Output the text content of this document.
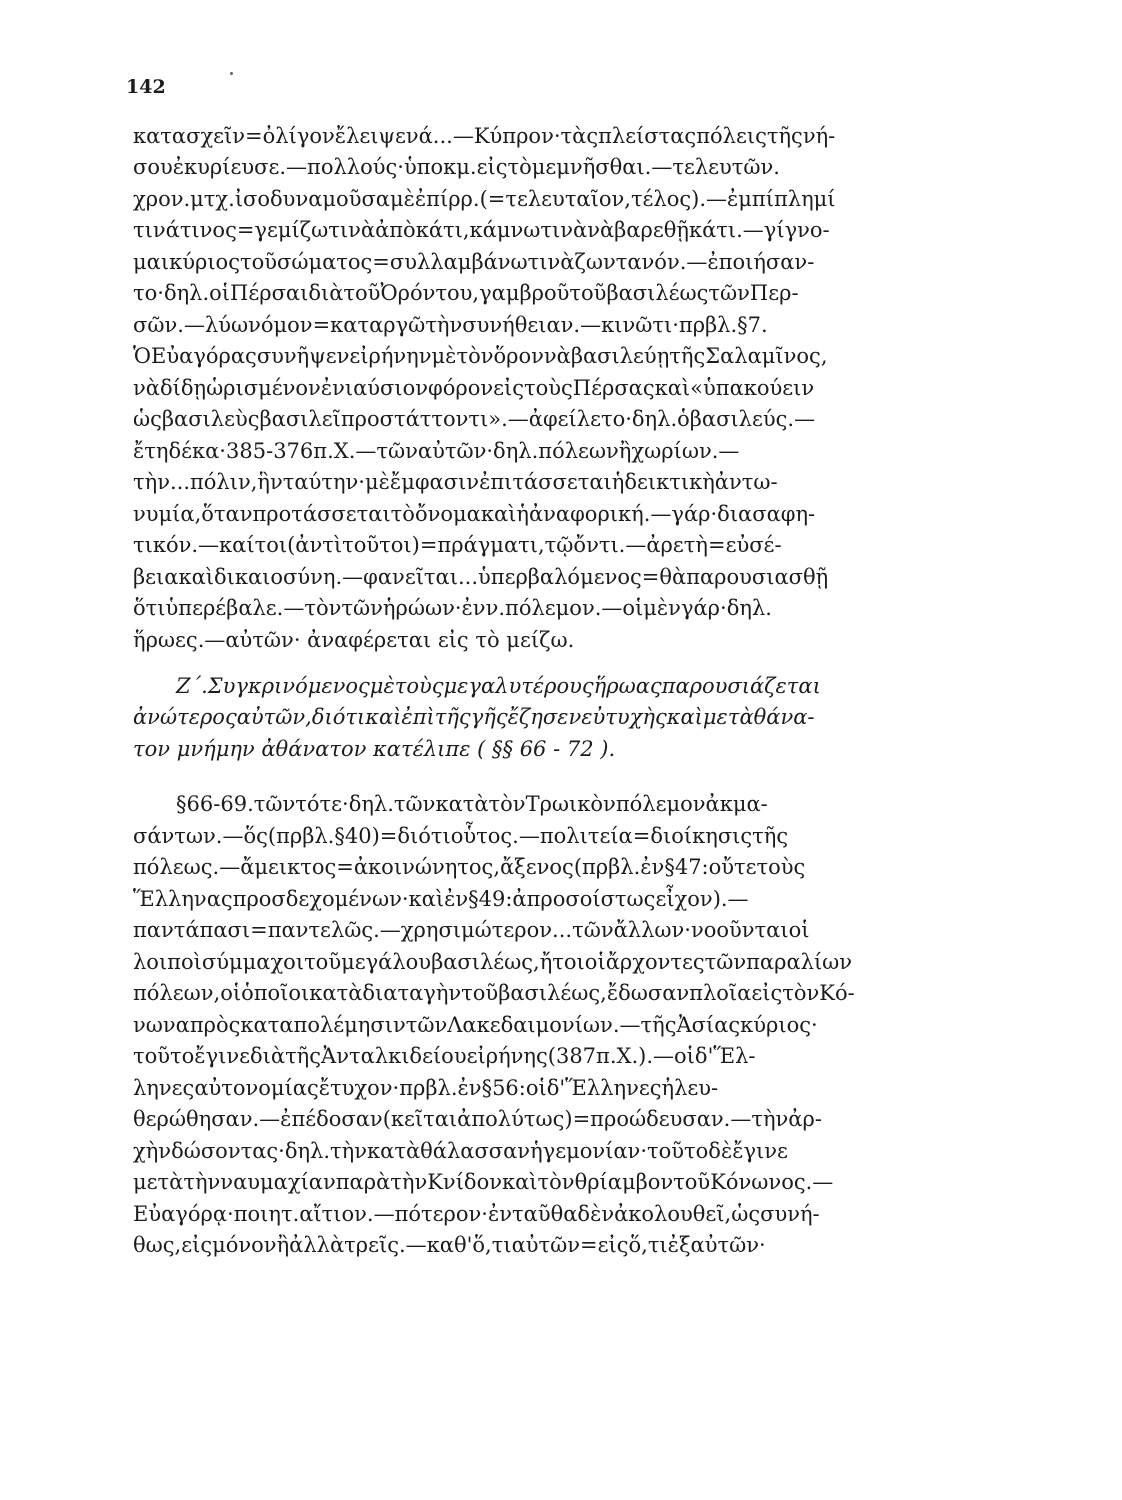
142
κατασχεῖν=ὀλίγονἔλειψενά...—Κύπρον·τὰςπλείσταςπόλειςτῆςνή-
σουἐκυρίευσε.—πολλούς·ὑποκμ.εἰςτὸμεμνῆσθαι.—τελευτῶν.
χρον.μτχ.ἰσοδυναμοῦσαμὲἐπίρρ.(=τελευταῖον,τέλος).—ἐμπίπλημί
τινάτινος=γεμίζωτινὰἀπὸκάτι,κάμνωτινὰνὰβαρεθῇκάτι.—γίγνο-
μαικύριοςτοῦσώματος=συλλαμβάνωτινὰζωντανόν.—ἐποιήσαν-
το·δηλ.οἱΠέρσαιδιὰτοῦὈρόντου,γαμβροῦτοῦβασιλέωςτῶνΠερ-
σῶν.—λύωνόμον=καταργῶτὴνσυνήθειαν.—κινῶτι·πρβλ.§7.
ὉΕὐαγόραςσυνῆψενεἰρήνηνμὲτὸνὅροννὰβασιλεύῃτῆςΣαλαμῖνος,
νὰδίδῃὡρισμένονἐνιαύσιονφόρονεἰςτοὺςΠέρσαςκαὶ«ὑπακούειν
ὡςβασιλεὺςβασιλεῖπροστάττοντι».—ἀφείλετο·δηλ.ὁβασιλεύς.—
ἔτηδέκα·385-376π.Χ.—τῶναὐτῶν·δηλ.πόλεωνἢχωρίων.—
τὴν...πόλιν,ἣνταύτην·μὲἔμφασινἐπιτάσσεταιἡδεικτικὴἀντω-
νυμία,ὅτανπροτάσσεταιτὸὄνομακαὶἡἀναφορική.—γάρ·διασαφη-
τικόν.—καίτοι(ἀντὶτοῦτοι)=πράγματι,τῷὄντι.—ἀρετὴ=εὐσέ-
βειακαὶδικαιοσύνη.—φανεῖται...ὑπερβαλόμενος=θὰπαρουσιασθῇ
ὅτιὑπερέβαλε.—τὸντῶνἡρώων·ἐνν.πόλεμον.—οἱμὲνγάρ·δηλ.
ἥρωες.—αὐτῶν· ἀναφέρεται εἰς τὸ μείζω.
Ζ΄.Συγκρινόμενοςμὲτοὺςμεγαλυτέρουςἥρωαςπαρουσιάζεται
ἀνώτεροςαὐτῶν,διότικαὶἐπὶτῆςγῆςἔζησενεὐτυχὴςκαὶμετὰθάνα-
τον μνήμην ἀθάνατον κατέλιπε ( §§ 66 - 72 ).
§66-69.τῶντότε·δηλ.τῶνκατὰτὸνΤρωικὸνπόλεμονἀκμα-
σάντων.—ὅς(πρβλ.§40)=διότιοὗτος.—πολιτεία=διοίκησιςτῆς
πόλεως.—ἄμεικτος=ἀκοινώνητος,ἄξενος(πρβλ.ἐν§47:οὔτετοὺς
Ἕλληναςπροσδεχομένων·καὶἐν§49:ἀπροσοίστωςεἶχον).—
παντάπασι=παντελῶς.—χρησιμώτερον...τῶνἄλλων·νοοῦνταιοἱ
λοιποὶσύμμαχοιτοῦμεγάλουβασιλέως,ἤτοιοἱἄρχοντεςτῶνπαραλίων
πόλεων,οἱὁποῖοικατὰδιαταγὴντοῦβασιλέως,ἔδωσανπλοῖαεἰςτὸνΚό-
νωναπρὸςκαταπολέμησιντῶνΛακεδαιμονίων.—τῆςἈσίαςκύριος·
τοῦτοἔγινεδιὰτῆςἈνταλκιδείουεἰρήνης(387π.Χ.).—οἱδ'Ἕλ-
ληνεςαὐτονομίαςἔτυχον·πρβλ.ἐν§56:οἱδ'Ἕλληνεςἠλευ-
θερώθησαν.—ἐπέδοσαν(κεῖταιἀπολύτως)=προώδευσαν.—τὴνἀρ-
χὴνδώσοντας·δηλ.τὴνκατὰθάλασσανἡγεμονίαν·τοῦτοδὲἔγινε
μετὰτὴνναυμαχίανπαρὰτὴνΚνίδονκαὶτὸνθρίαμβοντοῦΚόνωνος.—
Εὐαγόρᾳ·ποιητ.αἴτιον.—πότερον·ἐνταῦθαδὲνἀκολουθεῖ,ὡςσυνή-
θως,εἰςμόνονἢἀλλὰτρεῖς.—καθ'ὅ,τιαὐτῶν=εἰςὅ,τιἐξαὐτῶν·
